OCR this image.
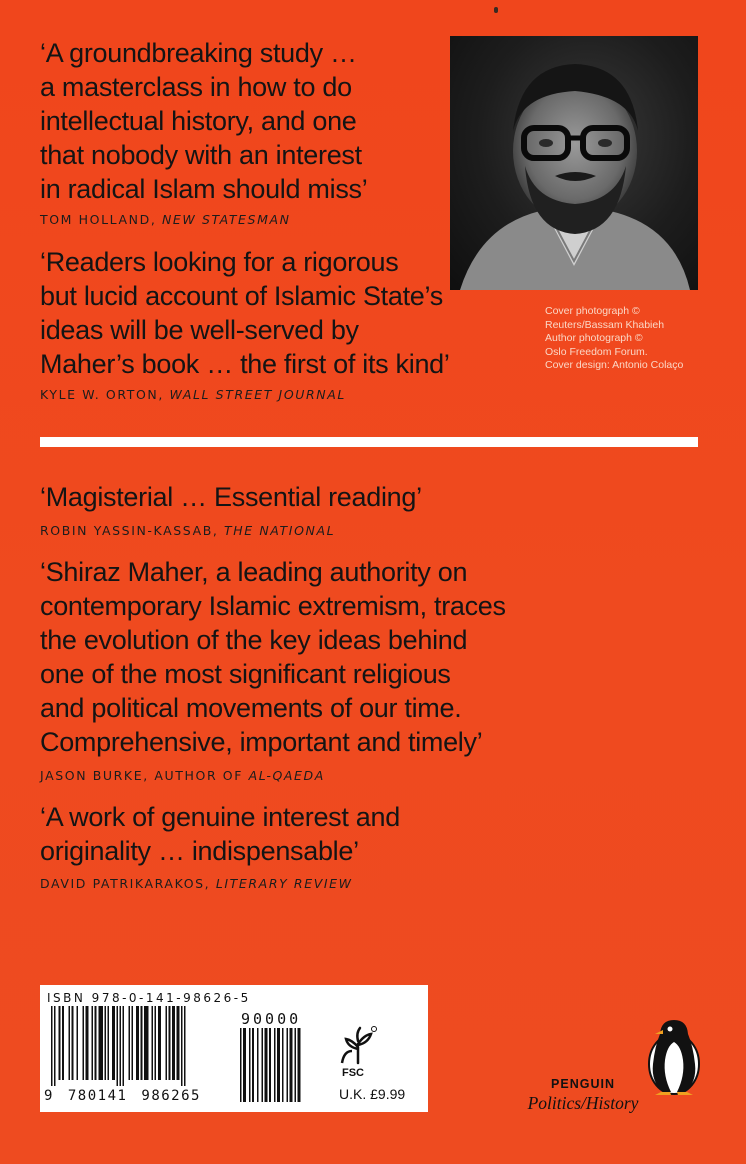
‘A groundbreaking study …
a masterclass in how to do
intellectual history, and one
that nobody with an interest
in radical Islam should miss’
TOM HOLLAND, NEW STATESMAN
‘Readers looking for a rigorous
but lucid account of Islamic State’s
ideas will be well-served by
Maher’s book … the first of its kind’
KYLE W. ORTON, WALL STREET JOURNAL
Cover photograph ©
Reuters/Bassam Khabieh
Author photograph ©
Oslo Freedom Forum.
Cover design: Antonio Colaço
‘Magisterial … Essential reading’
ROBIN YASSIN-KASSAB, THE NATIONAL
‘Shiraz Maher, a leading authority on
contemporary Islamic extremism, traces
the evolution of the key ideas behind
one of the most significant religious
and political movements of our time.
Comprehensive, important and timely’
JASON BURKE, AUTHOR OF AL-QAEDA
‘A work of genuine interest and
originality … indispensable’
DAVID PATRIKARAKOS, LITERARY REVIEW
ISBN 978-0-141-98626-5
9 780141 986265
90000
FSC
U.K. £9.99
PENGUIN
Politics/History
